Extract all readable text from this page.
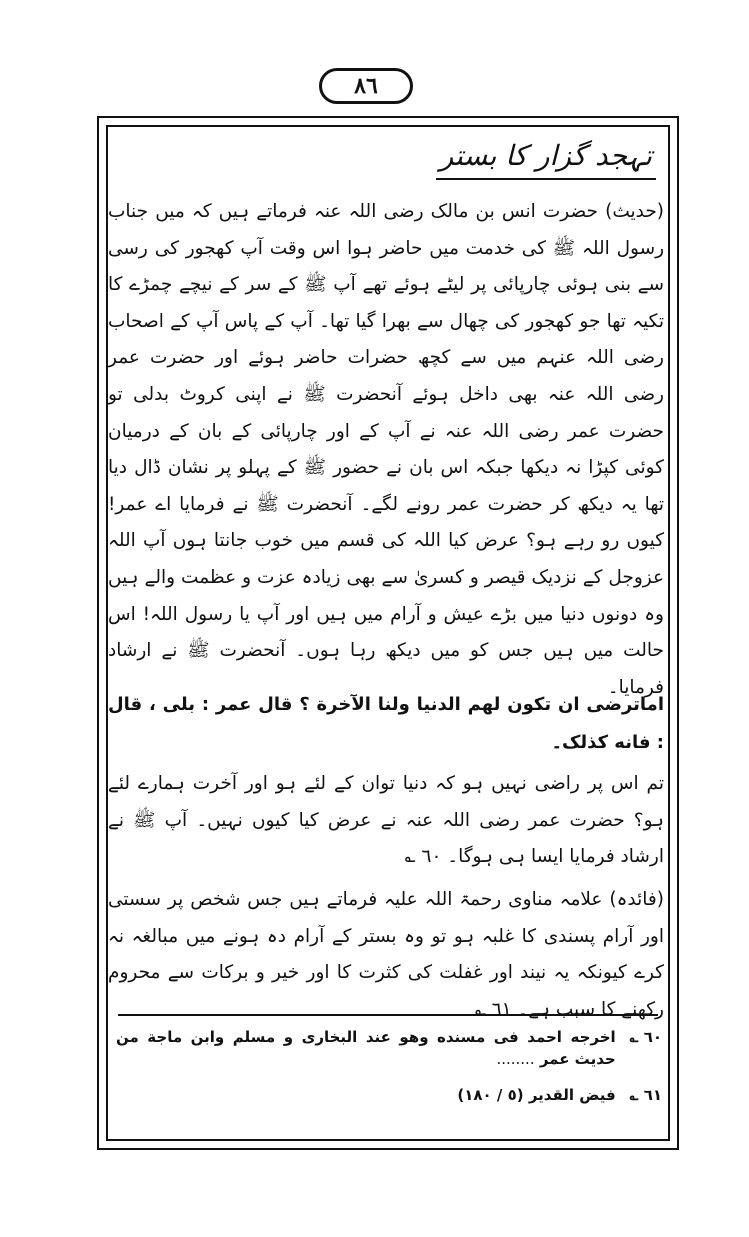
٨٦
تہجد گزار کا بستر

(حدیث) حضرت انس بن مالک رضی اللہ عنہ فرماتے ہیں کہ میں جناب رسول اللہ ﷺ کی خدمت میں حاضر ہوا اس وقت آپ کھجور کی رسی سے بنی ہوئی چارپائی پر لیٹے ہوئے تھے آپ ﷺ کے سر کے نیچے چمڑے کا تکیہ تھا جو کھجور کی چھال سے بھرا گیا تھا۔ آپ کے پاس آپ کے اصحاب رضی اللہ عنہم میں سے کچھ حضرات حاضر ہوئے اور حضرت عمر رضی اللہ عنہ بھی داخل ہوئے آنحضرت ﷺ نے اپنی کروٹ بدلی تو حضرت عمر رضی اللہ عنہ نے آپ کے اور چارپائی کے بان کے درمیان کوئی کپڑا نہ دیکھا جبکہ اس بان نے حضور ﷺ کے پہلو پر نشان ڈال دیا تھا یہ دیکھ کر حضرت عمر رونے لگے۔ آنحضرت ﷺ نے فرمایا اے عمر! کیوں رو رہے ہو؟ عرض کیا اللہ کی قسم میں خوب جانتا ہوں آپ اللہ عزوجل کے نزدیک قیصر و کسریٰ سے بھی زیادہ عزت و عظمت والے ہیں وہ دونوں دنیا میں بڑے عیش و آرام میں ہیں اور آپ یا رسول اللہ! اس حالت میں ہیں جس کو میں دیکھ رہا ہوں۔ آنحضرت ﷺ نے ارشاد فرمایا۔

اماترضی ان تکون لهم الدنیا ولنا الآخرة ؟ قال عمر : بلی ، قال : فانه کذلک۔

تم اس پر راضی نہیں ہو کہ دنیا توان کے لئے ہو اور آخرت ہمارے لئے ہو؟ حضرت عمر رضی اللہ عنہ نے عرض کیا کیوں نہیں۔ آپ ﷺ نے ارشاد فرمایا ایسا ہی ہوگا۔ ٦٠ ؎

(فائدہ) علامہ مناوی رحمۃ اللہ علیہ فرماتے ہیں جس شخص پر سستی اور آرام پسندی کا غلبہ ہو تو وہ بستر کے آرام دہ ہونے میں مبالغہ نہ کرے کیونکہ یہ نیند اور غفلت کی کثرت کا اور خیر و برکات سے محروم رکھنے کا سبب ہے۔ ٦١ ؎

٦٠ ؎
اخرجه احمد فی مسنده وهو عند البخاری و مسلم وابن ماجة من حدیث عمر ........
٦١ ؎
فیض القدیر (٥ / ١٨٠)
